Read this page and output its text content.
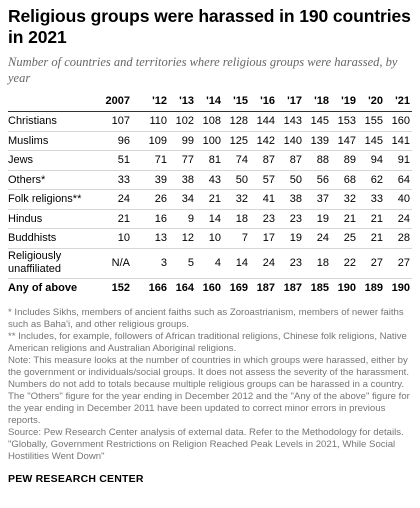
Religious groups were harassed in 190 countries in 2021
Number of countries and territories where religious groups were harassed, by year
	2007	'12	'13	'14	'15	'16	'17	'18	'19	'20	'21
Christians	107	110	102	108	128	144	143	145	153	155	160
Muslims	96	109	99	100	125	142	140	139	147	145	141
Jews	51	71	77	81	74	87	87	88	89	94	91
Others*	33	39	38	43	50	57	50	56	68	62	64
Folk religions**	24	26	34	21	32	41	38	37	32	33	40
Hindus	21	16	9	14	18	23	23	19	21	21	24
Buddhists	10	13	12	10	7	17	19	24	25	21	28
Religiously
unaffiliated	N/A	3	5	4	14	24	23	18	22	27	27
Any of above	152	166	164	160	169	187	187	185	190	189	190

* Includes Sikhs, members of ancient faiths such as Zoroastrianism, members of newer faiths such as Baha'i, and other religious groups.

** Includes, for example, followers of African traditional religions, Chinese folk religions, Native American religions and Australian Aboriginal religions.

Note: This measure looks at the number of countries in which groups were harassed, either by the government or individuals/social groups. It does not assess the severity of the harassment. Numbers do not add to totals because multiple religious groups can be harassed in a country. The "Others" figure for the year ending in December 2012 and the "Any of the above" figure for the year ending in December 2011 have been updated to correct minor errors in previous reports.

Source: Pew Research Center analysis of external data. Refer to the Methodology for details.

"Globally, Government Restrictions on Religion Reached Peak Levels in 2021, While Social Hostilities Went Down"

PEW RESEARCH CENTER
